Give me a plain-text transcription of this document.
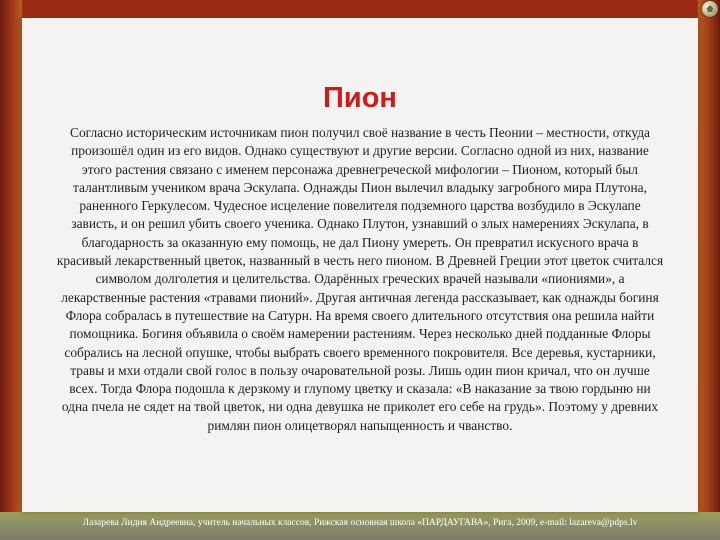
Пион
Согласно историческим источникам пион получил своё название в честь Пеонии – местности, откуда произошёл один из его видов. Однако существуют и другие версии. Согласно одной из них, название этого растения связано с именем персонажа древнегреческой мифологии – Пионом, который был талантливым учеником врача Эскулапа. Однажды Пион вылечил владыку загробного мира Плутона, раненного Геркулесом. Чудесное исцеление повелителя подземного царства возбудило в Эскулапе зависть, и он решил убить своего ученика. Однако Плутон, узнавший о злых намерениях Эскулапа, в благодарность за оказанную ему помощь, не дал Пиону умереть. Он превратил искусного врача в красивый лекарственный цветок, названный в честь него пионом. В Древней Греции этот цветок считался символом долголетия и целительства. Одарённых греческих врачей называли «пиониями», а лекарственные растения «травами пионий». Другая античная легенда рассказывает, как однажды богиня Флора собралась в путешествие на Сатурн. На время своего длительного отсутствия она решила найти помощника. Богиня объявила о своём намерении растениям. Через несколько дней подданные Флоры собрались на лесной опушке, чтобы выбрать своего временного покровителя. Все деревья, кустарники, травы и мхи отдали свой голос в пользу очаровательной розы. Лишь один пион кричал, что он лучше всех. Тогда Флора подошла к дерзкому и глупому цветку и сказала: «В наказание за твою гордыню ни одна пчела не сядет на твой цветок, ни одна девушка не приколет его себе на грудь». Поэтому у древних римлян пион олицетворял напыщенность и чванство.
Лазарева Лидия Андреевна, учитель начальных классов, Рижская основная школа «ПАРДАУГАВА», Рига, 2009, e-mail: lazareva@pdps.lv
